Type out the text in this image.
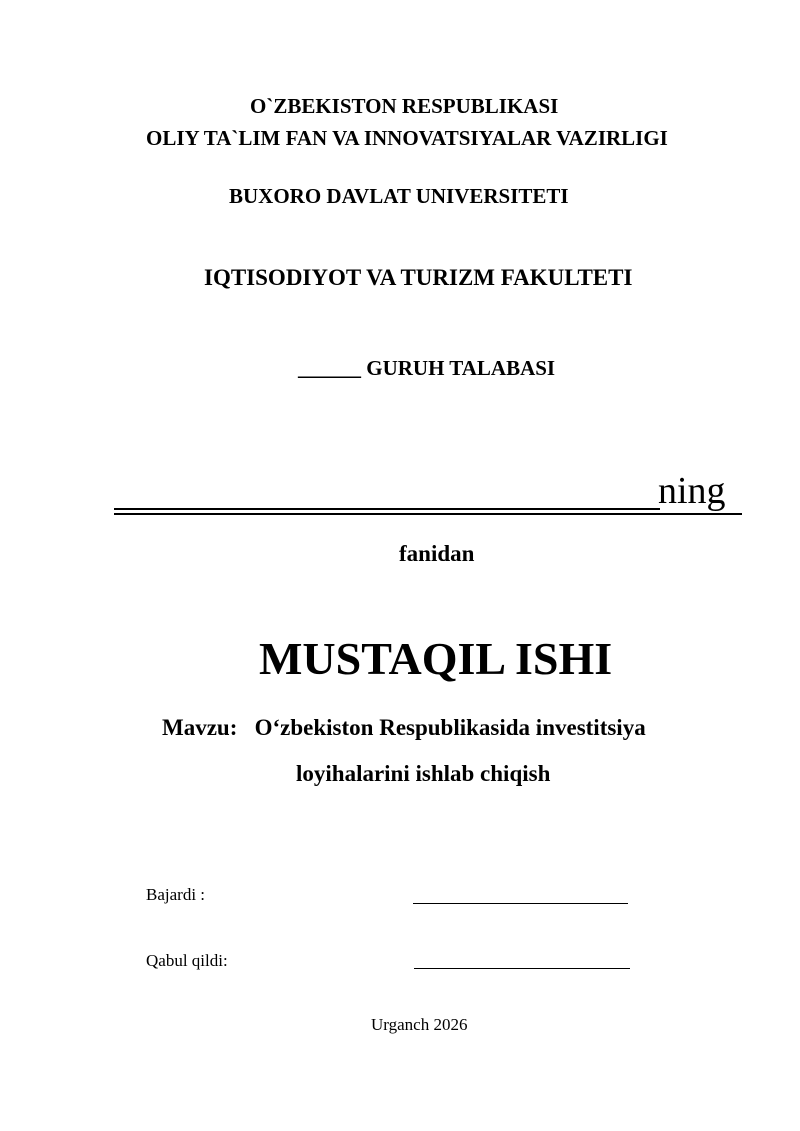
O`ZBEKISTON RESPUBLIKASI
OLIY TA`LIM FAN VA INNOVATSIYALAR VAZIRLIGI
BUXORO DAVLAT UNIVERSITETI
IQTISODIYOT VA TURIZM FAKULTETI
______ GURUH TALABASI
ning
fanidan
MUSTAQIL ISHI
Mavzu:   O‘zbekiston Respublikasida investitsiya
loyihalarini ishlab chiqish
Bajardi :
Qabul qildi:
Urganch 2026
